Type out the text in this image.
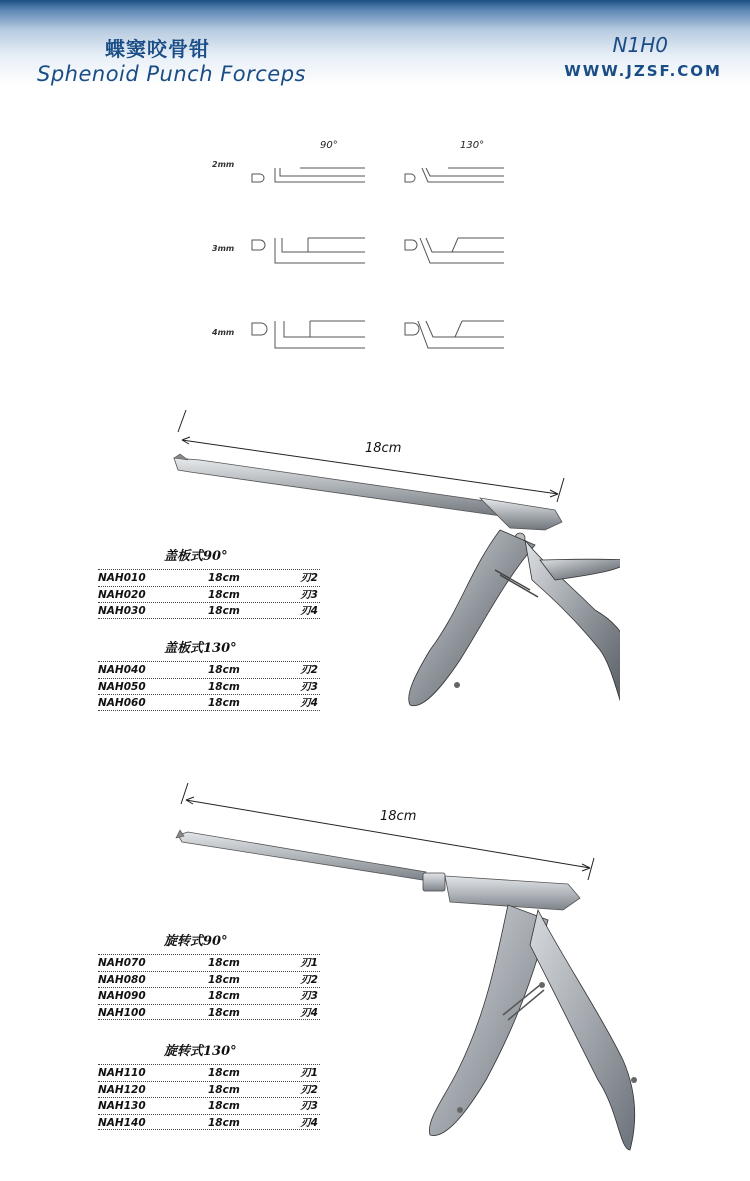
蝶窦咬骨钳
Sphenoid Punch Forceps
N1H0
WWW.JZSF.COM
90°	130°
2mm
3mm
4mm
18cm
18cm
盖板式90°
NAH010	18cm	刃2
NAH020	18cm	刃3
NAH030	18cm	刃4
盖板式130°
NAH040	18cm	刃2
NAH050	18cm	刃3
NAH060	18cm	刃4
旋转式90°
NAH070	18cm	刃1
NAH080	18cm	刃2
NAH090	18cm	刃3
NAH100	18cm	刃4
旋转式130°
NAH110	18cm	刃1
NAH120	18cm	刃2
NAH130	18cm	刃3
NAH140	18cm	刃4
